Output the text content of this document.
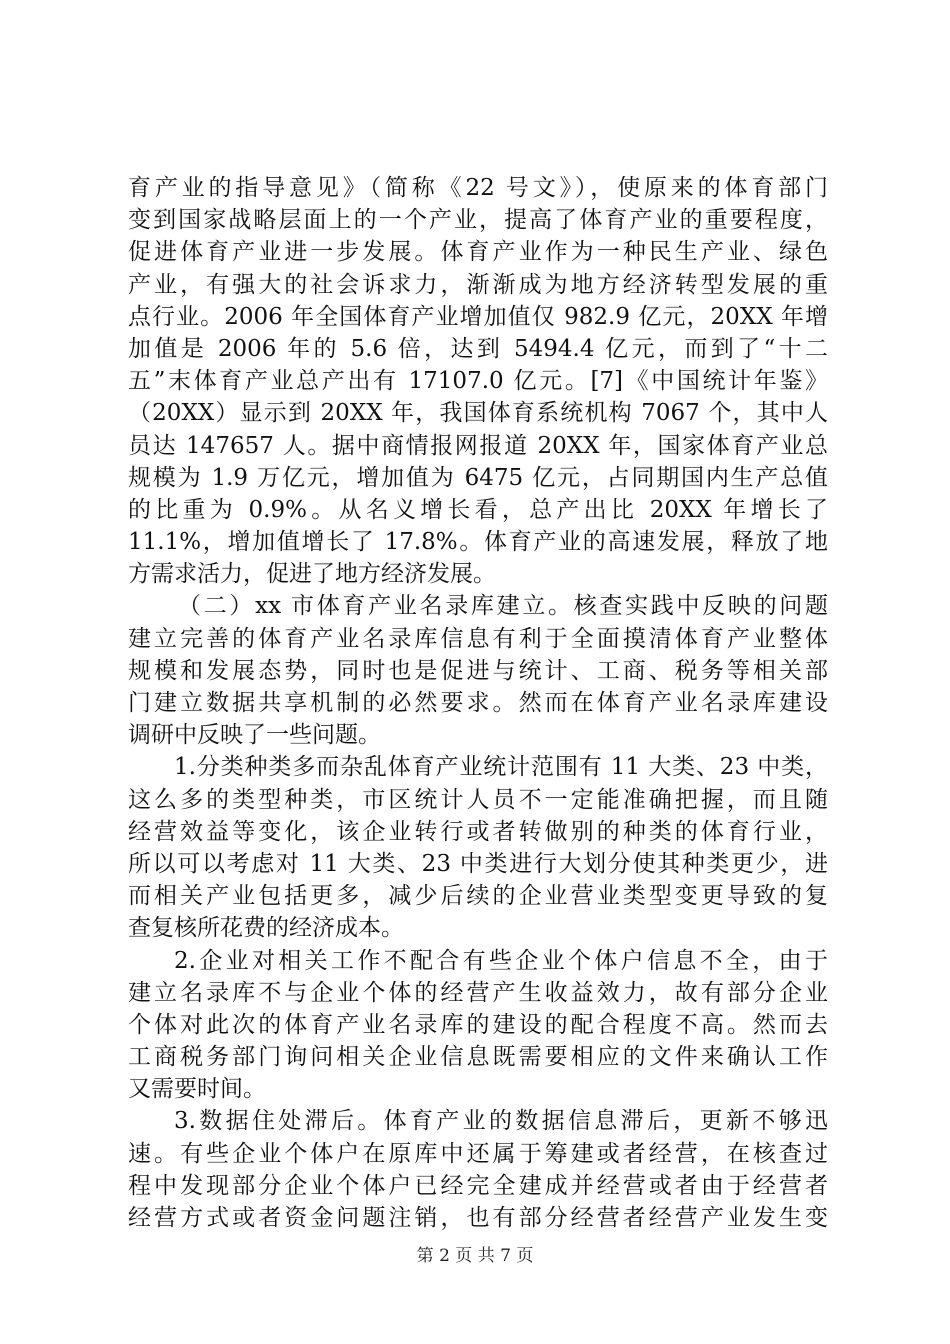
育产业的指导意见》（简称《22 号文》），使原来的体育部门
变到国家战略层面上的一个产业，提高了体育产业的重要程度，
促进体育产业进一步发展。体育产业作为一种民生产业、绿色
产业，有强大的社会诉求力，渐渐成为地方经济转型发展的重
点行业。2006 年全国体育产业增加值仅 982.9 亿元，20XX 年增
加值是 2006 年的 5.6 倍，达到 5494.4 亿元，而到了“十二
五”末体育产业总产出有 17107.0 亿元。[7]《中国统计年鉴》
（20XX）显示到 20XX 年，我国体育系统机构 7067 个，其中人
员达 147657 人。据中商情报网报道 20XX 年，国家体育产业总
规模为 1.9 万亿元，增加值为 6475 亿元，占同期国内生产总值
的比重为 0.9%。从名义增长看，总产出比 20XX 年增长了
11.1%，增加值增长了 17.8%。体育产业的高速发展，释放了地
方需求活力，促进了地方经济发展。
（二）xx 市体育产业名录库建立。核查实践中反映的问题
建立完善的体育产业名录库信息有利于全面摸清体育产业整体
规模和发展态势，同时也是促进与统计、工商、税务等相关部
门建立数据共享机制的必然要求。然而在体育产业名录库建设
调研中反映了一些问题。
1.分类种类多而杂乱体育产业统计范围有 11 大类、23 中类，
这么多的类型种类，市区统计人员不一定能准确把握，而且随
经营效益等变化，该企业转行或者转做别的种类的体育行业，
所以可以考虑对 11 大类、23 中类进行大划分使其种类更少，进
而相关产业包括更多，减少后续的企业营业类型变更导致的复
查复核所花费的经济成本。
2.企业对相关工作不配合有些企业个体户信息不全，由于
建立名录库不与企业个体的经营产生收益效力，故有部分企业
个体对此次的体育产业名录库的建设的配合程度不高。然而去
工商税务部门询问相关企业信息既需要相应的文件来确认工作
又需要时间。
3.数据住处滞后。体育产业的数据信息滞后，更新不够迅
速。有些企业个体户在原库中还属于筹建或者经营，在核查过
程中发现部分企业个体户已经完全建成并经营或者由于经营者
经营方式或者资金问题注销，也有部分经营者经营产业发生变
第 2 页 共 7 页
